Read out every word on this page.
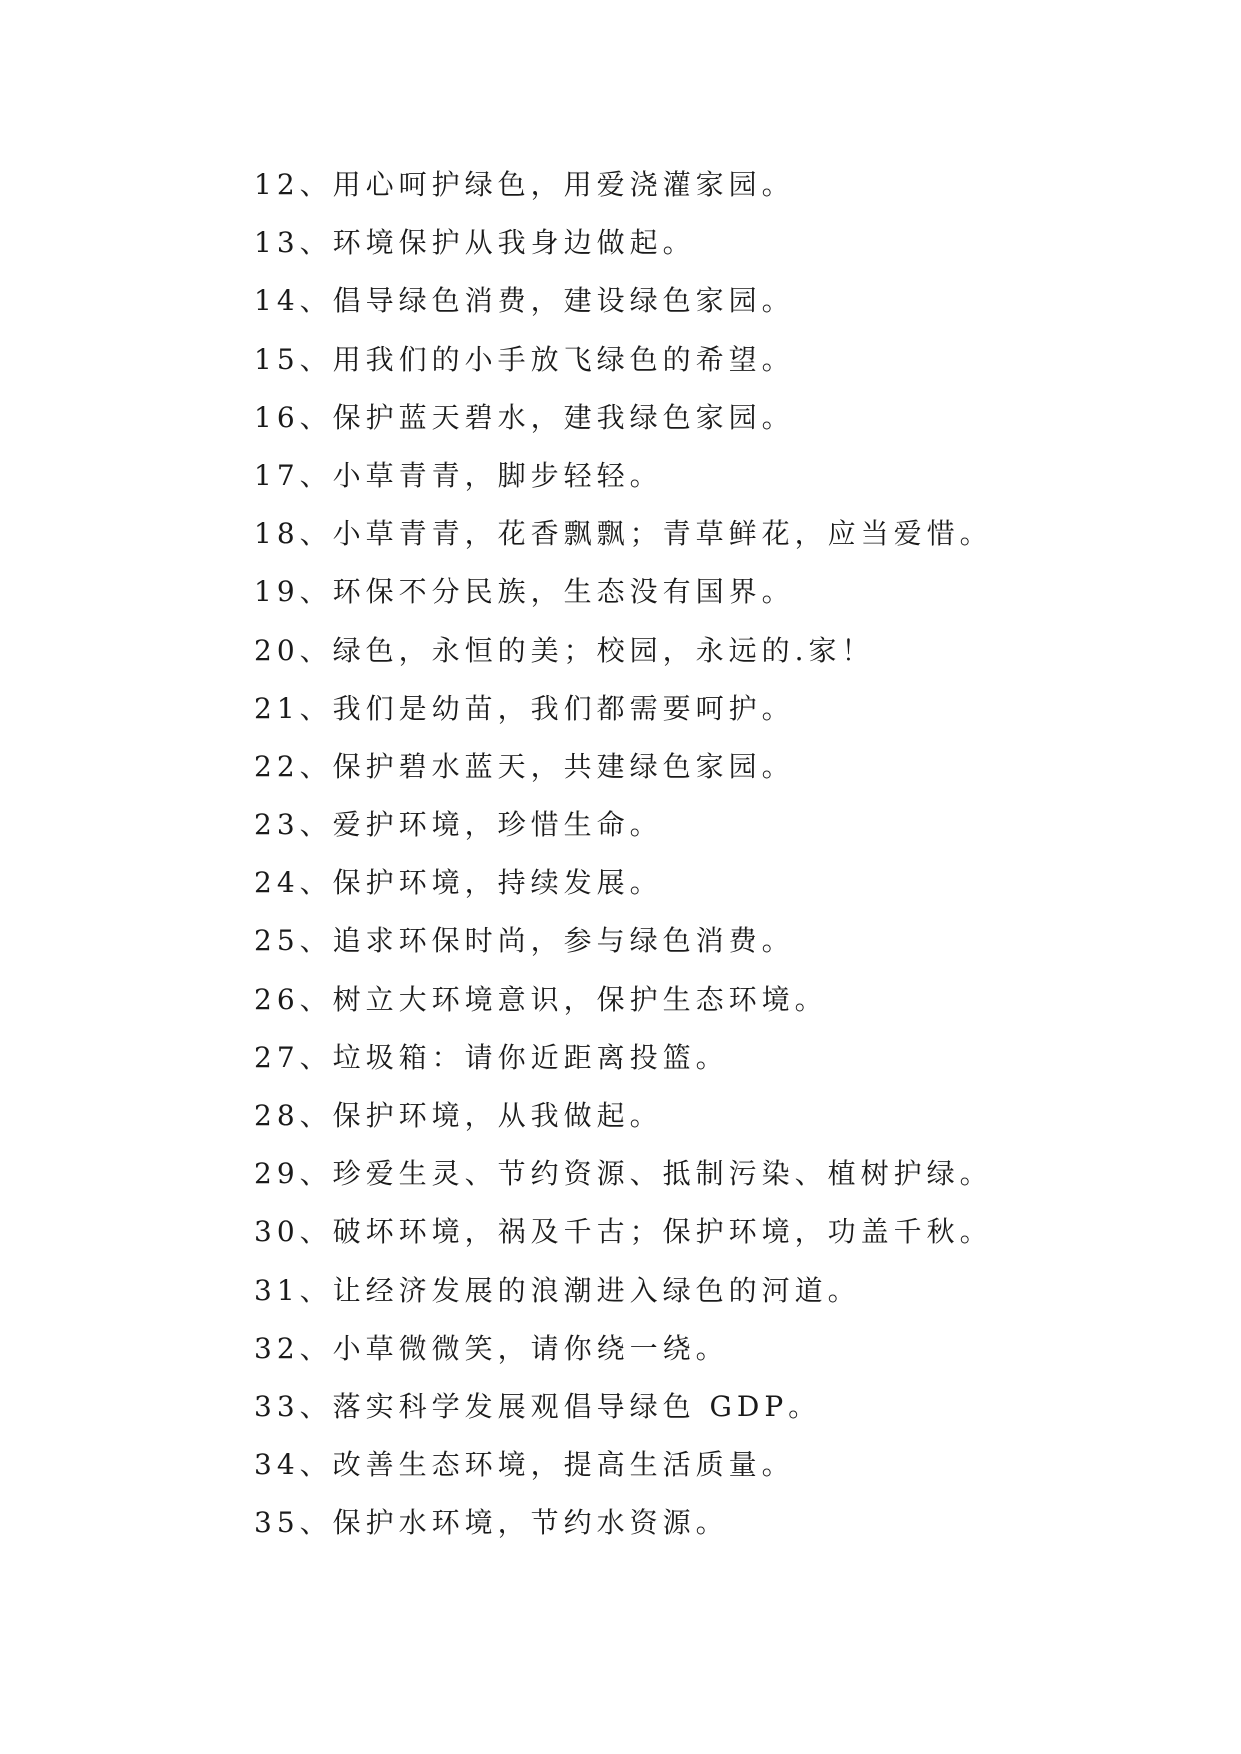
12、用心呵护绿色，用爱浇灌家园。
13、环境保护从我身边做起。
14、倡导绿色消费，建设绿色家园。
15、用我们的小手放飞绿色的希望。
16、保护蓝天碧水，建我绿色家园。
17、小草青青，脚步轻轻。
18、小草青青，花香飘飘；青草鲜花，应当爱惜。
19、环保不分民族，生态没有国界。
20、绿色，永恒的美；校园，永远的.家！
21、我们是幼苗，我们都需要呵护。
22、保护碧水蓝天，共建绿色家园。
23、爱护环境，珍惜生命。
24、保护环境，持续发展。
25、追求环保时尚，参与绿色消费。
26、树立大环境意识，保护生态环境。
27、垃圾箱：请你近距离投篮。
28、保护环境，从我做起。
29、珍爱生灵、节约资源、抵制污染、植树护绿。
30、破坏环境，祸及千古；保护环境，功盖千秋。
31、让经济发展的浪潮进入绿色的河道。
32、小草微微笑，请你绕一绕。
33、落实科学发展观倡导绿色 GDP。
34、改善生态环境，提高生活质量。
35、保护水环境，节约水资源。
